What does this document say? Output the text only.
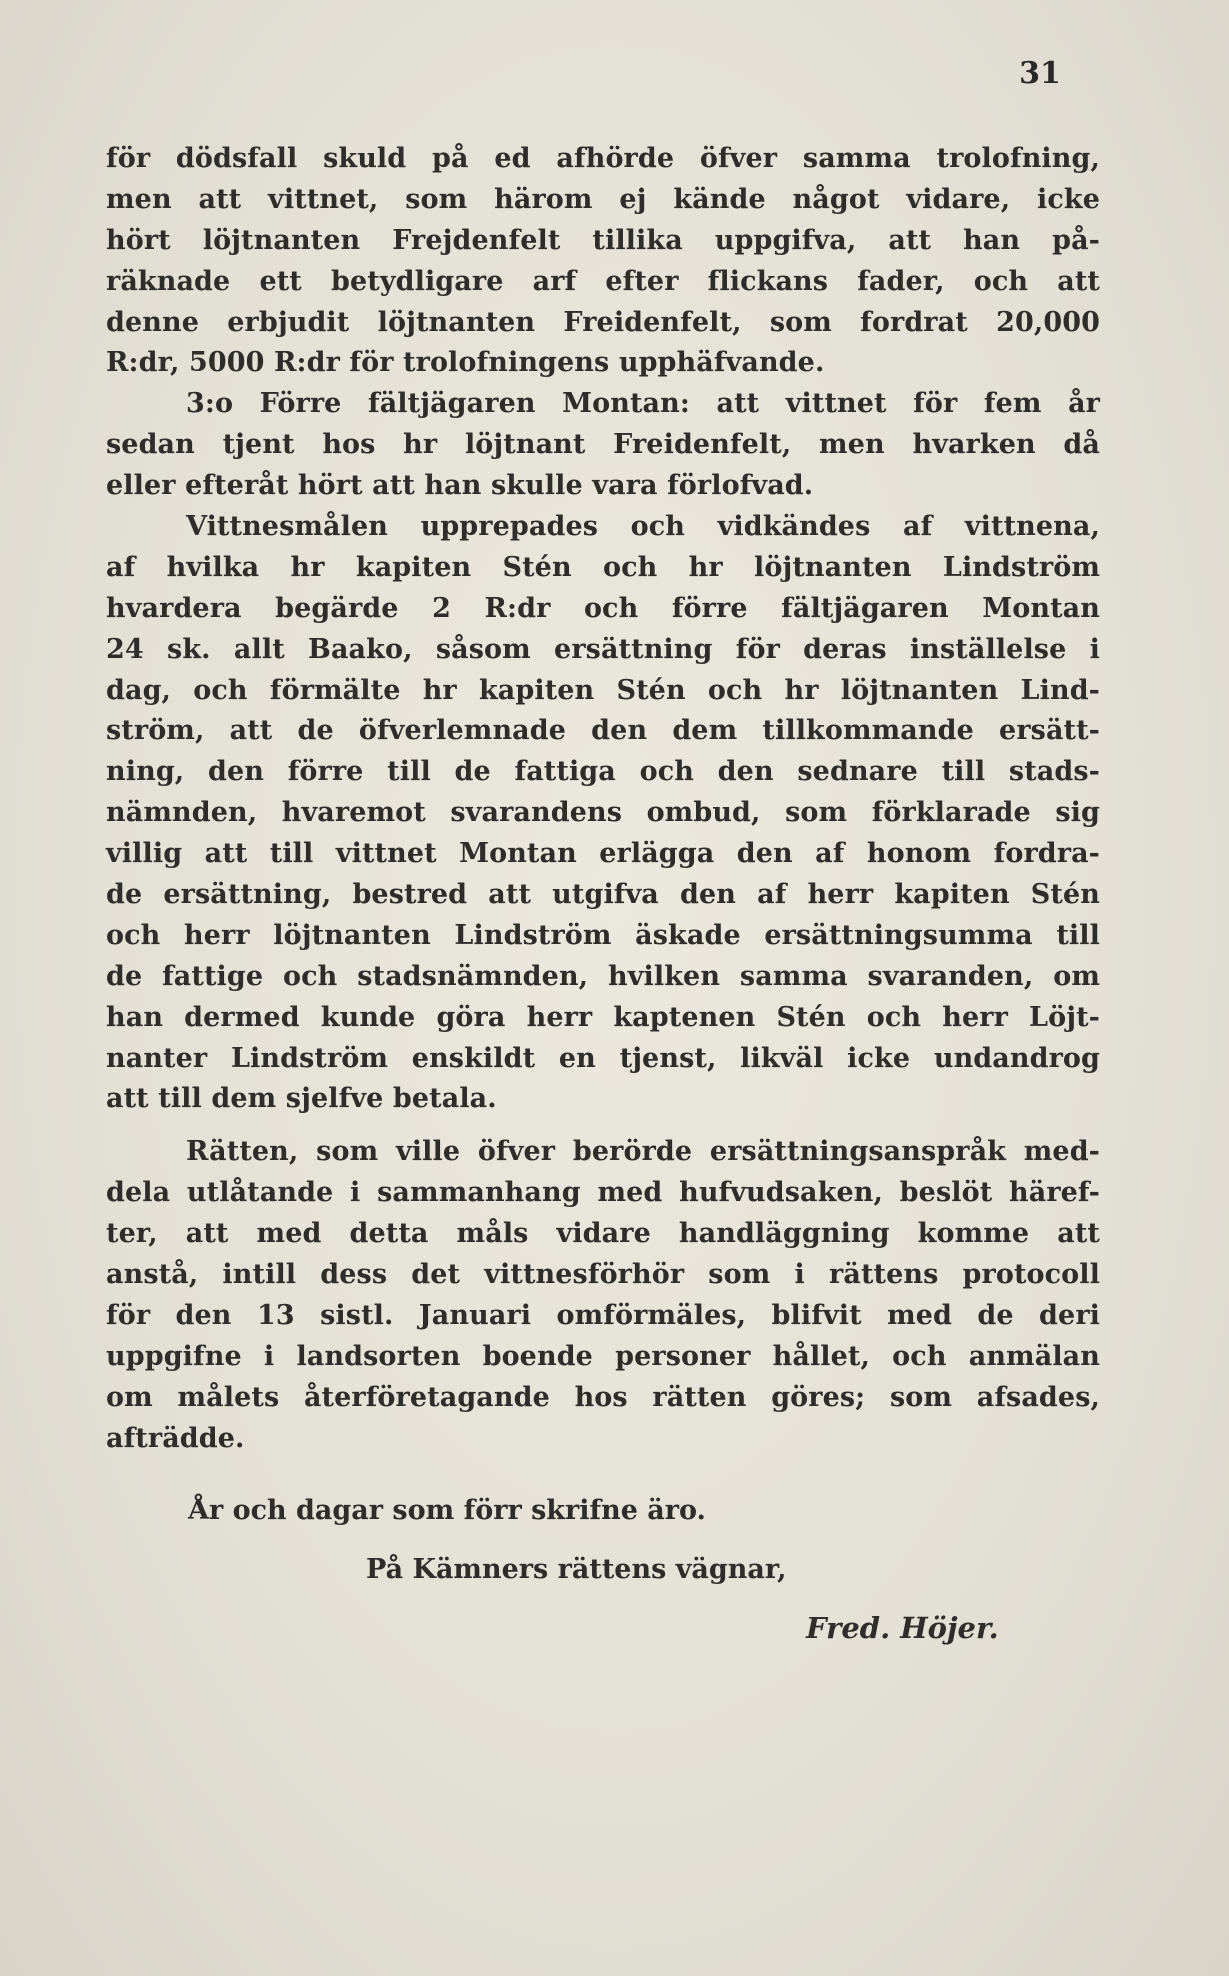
31
för dödsfall skuld på ed afhörde öfver samma trolofning,
men att vittnet, som härom ej kände något vidare, icke
hört löjtnanten Frejdenfelt tillika uppgifva, att han på-
räknade ett betydligare arf efter flickans fader, och att
denne erbjudit löjtnanten Freidenfelt, som fordrat 20,000
R:dr, 5000 R:dr för trolofningens upphäfvande.
3:o Förre fältjägaren Montan: att vittnet för fem år
sedan tjent hos hr löjtnant Freidenfelt, men hvarken då
eller efteråt hört att han skulle vara förlofvad.
Vittnesmålen upprepades och vidkändes af vittnena,
af hvilka hr kapiten Stén och hr löjtnanten Lindström
hvardera begärde 2 R:dr och förre fältjägaren Montan
24 sk. allt Baako, såsom ersättning för deras inställelse i
dag, och förmälte hr kapiten Stén och hr löjtnanten Lind-
ström, att de öfverlemnade den dem tillkommande ersätt-
ning, den förre till de fattiga och den sednare till stads-
nämnden, hvaremot svarandens ombud, som förklarade sig
villig att till vittnet Montan erlägga den af honom fordra-
de ersättning, bestred att utgifva den af herr kapiten Stén
och herr löjtnanten Lindström äskade ersättningsumma till
de fattige och stadsnämnden, hvilken samma svaranden, om
han dermed kunde göra herr kaptenen Stén och herr Löjt-
nanter Lindström enskildt en tjenst, likväl icke undandrog
att till dem sjelfve betala.
Rätten, som ville öfver berörde ersättningsanspråk med-
dela utlåtande i sammanhang med hufvudsaken, beslöt häref-
ter, att med detta måls vidare handläggning komme att
anstå, intill dess det vittnesförhör som i rättens protocoll
för den 13 sistl. Januari omförmäles, blifvit med de deri
uppgifne i landsorten boende personer hållet, och anmälan
om målets återföretagande hos rätten göres; som afsades,
afträdde.
År och dagar som förr skrifne äro.
På Kämners rättens vägnar,
Fred. Höjer.
